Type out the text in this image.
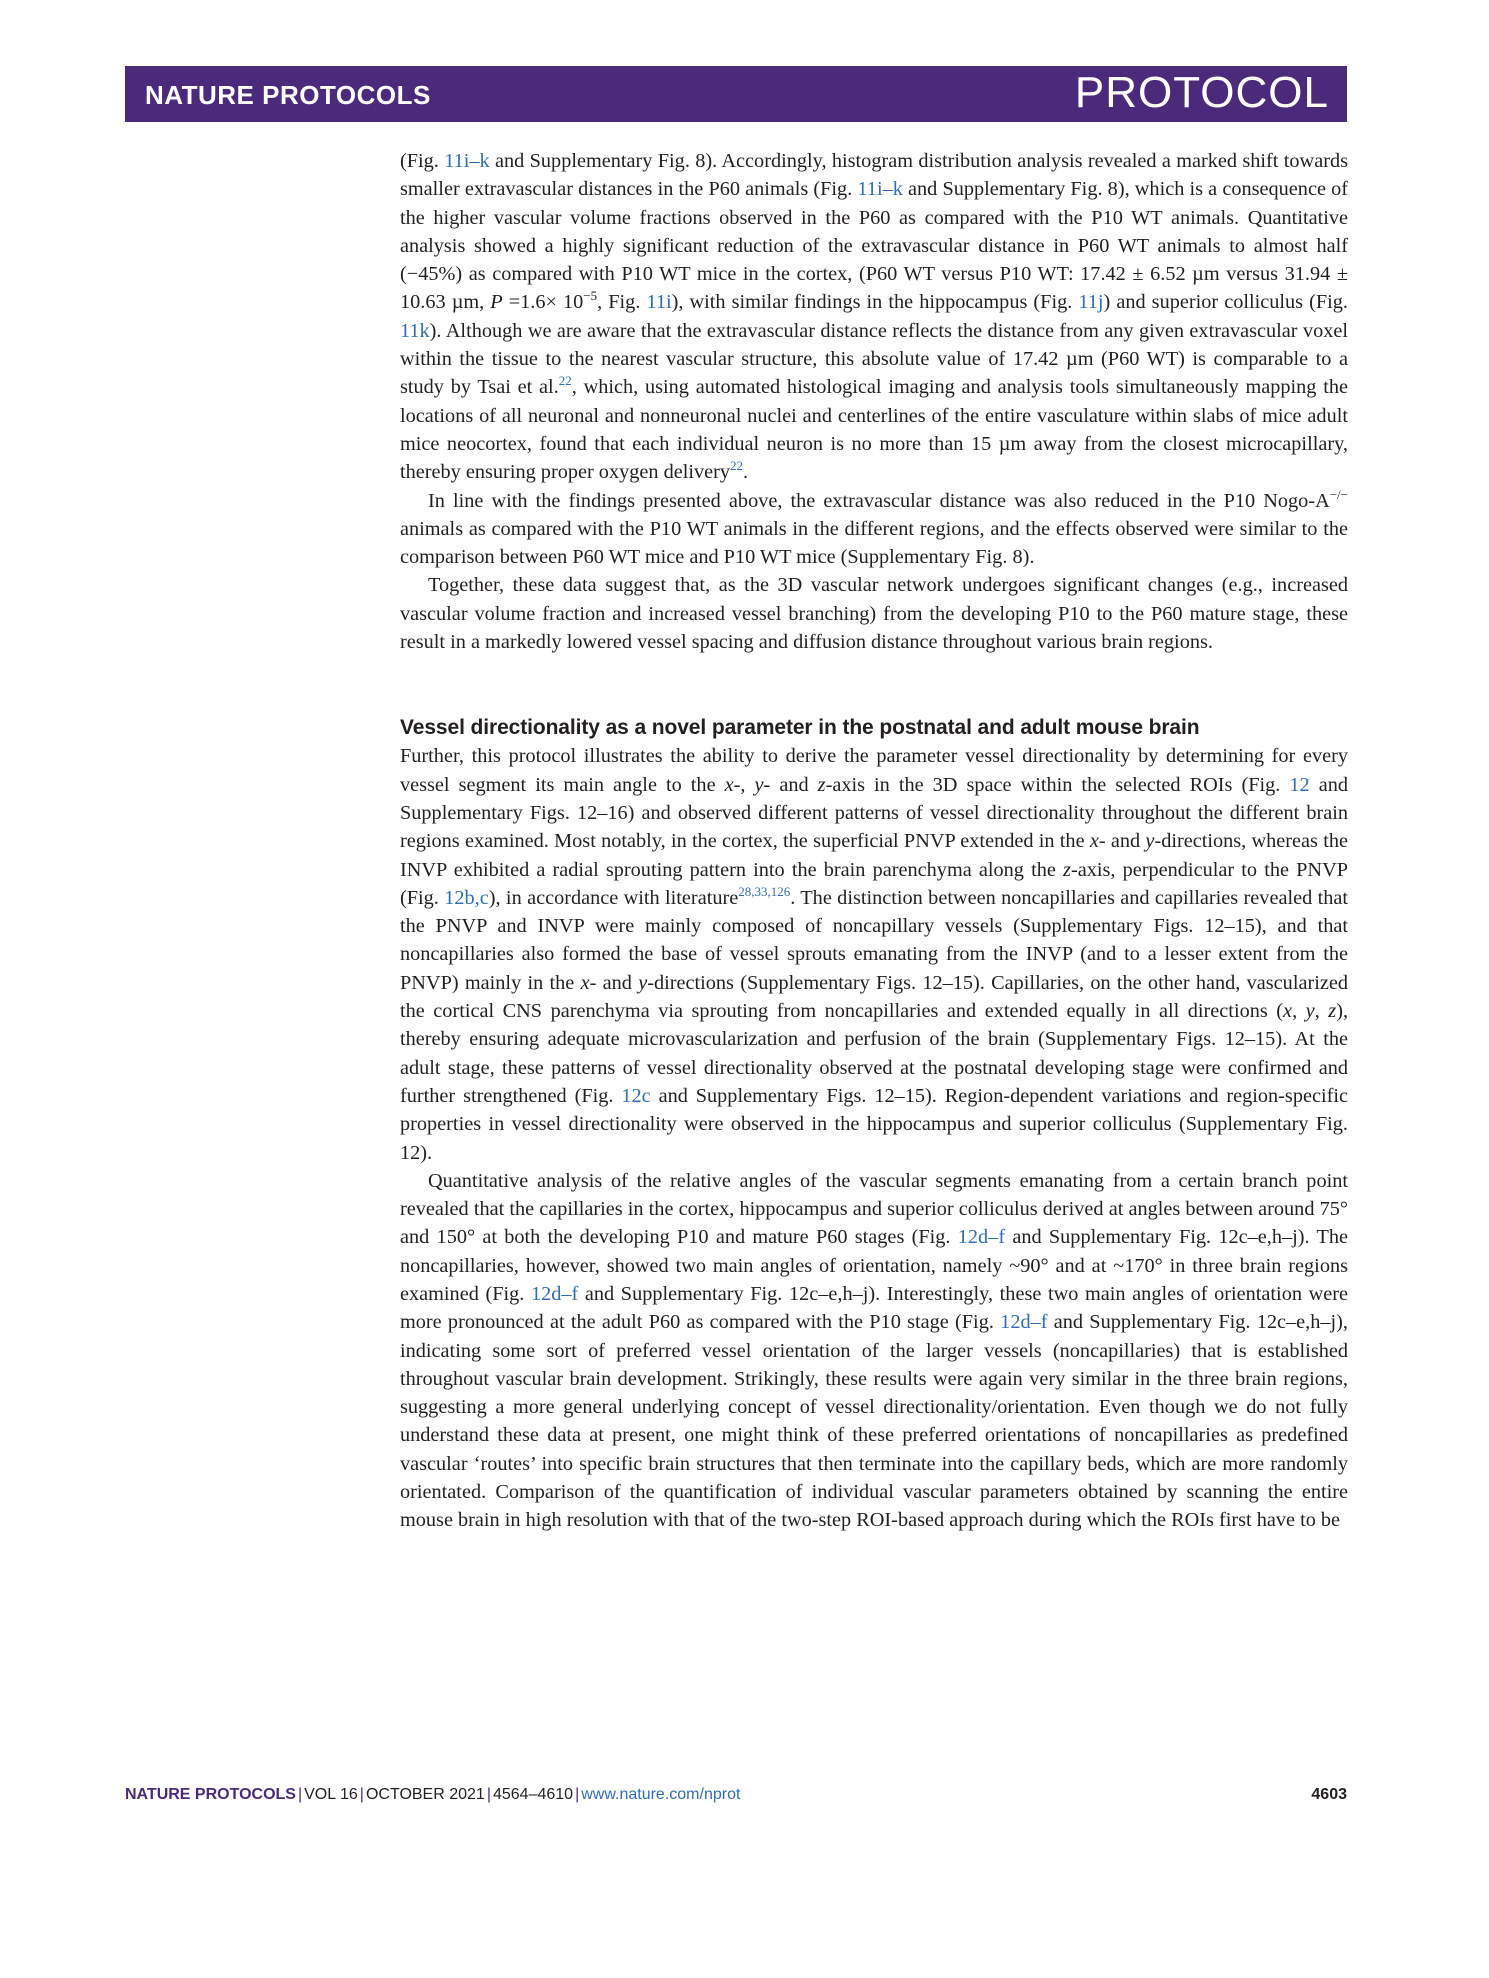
NATURE PROTOCOLS	PROTOCOL

(Fig. 11i–k and Supplementary Fig. 8). Accordingly, histogram distribution analysis revealed a marked shift towards smaller extravascular distances in the P60 animals (Fig. 11i–k and Supplementary Fig. 8), which is a consequence of the higher vascular volume fractions observed in the P60 as compared with the P10 WT animals. Quantitative analysis showed a highly significant reduction of the extravascular distance in P60 WT animals to almost half (−45%) as compared with P10 WT mice in the cortex, (P60 WT versus P10 WT: 17.42 ± 6.52 µm versus 31.94 ± 10.63 µm, $P =1.6\times 10^{-5}$, Fig. 11i), with similar findings in the hippocampus (Fig. 11j) and superior colliculus (Fig. 11k). Although we are aware that the extravascular distance reflects the distance from any given extravascular voxel within the tissue to the nearest vascular structure, this absolute value of 17.42 µm (P60 WT) is comparable to a study by Tsai et al.$^{22}$, which, using automated histological imaging and analysis tools simultaneously mapping the locations of all neuronal and nonneuronal nuclei and centerlines of the entire vasculature within slabs of mice adult mice neocortex, found that each individual neuron is no more than 15 µm away from the closest microcapillary, thereby ensuring proper oxygen delivery$^{22}$.

In line with the findings presented above, the extravascular distance was also reduced in the P10 Nogo-A−/− animals as compared with the P10 WT animals in the different regions, and the effects observed were similar to the comparison between P60 WT mice and P10 WT mice (Supplementary Fig. 8).

Together, these data suggest that, as the 3D vascular network undergoes significant changes (e.g., increased vascular volume fraction and increased vessel branching) from the developing P10 to the P60 mature stage, these result in a markedly lowered vessel spacing and diffusion distance throughout various brain regions.

Vessel directionality as a novel parameter in the postnatal and adult mouse brain

Further, this protocol illustrates the ability to derive the parameter vessel directionality by determining for every vessel segment its main angle to the x-, y- and z-axis in the 3D space within the selected ROIs (Fig. 12 and Supplementary Figs. 12–16) and observed different patterns of vessel directionality throughout the different brain regions examined. Most notably, in the cortex, the superficial PNVP extended in the x- and y-directions, whereas the INVP exhibited a radial sprouting pattern into the brain parenchyma along the z-axis, perpendicular to the PNVP (Fig. 12b,c), in accordance with literature$^{28,33,126}$. The distinction between noncapillaries and capillaries revealed that the PNVP and INVP were mainly composed of noncapillary vessels (Supplementary Figs. 12–15), and that noncapillaries also formed the base of vessel sprouts emanating from the INVP (and to a lesser extent from the PNVP) mainly in the x- and y-directions (Supplementary Figs. 12–15). Capillaries, on the other hand, vascularized the cortical CNS parenchyma via sprouting from noncapillaries and extended equally in all directions (x, y, z), thereby ensuring adequate microvascularization and perfusion of the brain (Supplementary Figs. 12–15). At the adult stage, these patterns of vessel directionality observed at the postnatal developing stage were confirmed and further strengthened (Fig. 12c and Supplementary Figs. 12–15). Region-dependent variations and region-specific properties in vessel directionality were observed in the hippocampus and superior colliculus (Supplementary Fig. 12).

Quantitative analysis of the relative angles of the vascular segments emanating from a certain branch point revealed that the capillaries in the cortex, hippocampus and superior colliculus derived at angles between around 75° and 150° at both the developing P10 and mature P60 stages (Fig. 12d–f and Supplementary Fig. 12c–e,h–j). The noncapillaries, however, showed two main angles of orientation, namely ~90° and at ~170° in three brain regions examined (Fig. 12d–f and Supplementary Fig. 12c–e,h–j). Interestingly, these two main angles of orientation were more pronounced at the adult P60 as compared with the P10 stage (Fig. 12d–f and Supplementary Fig. 12c–e,h–j), indicating some sort of preferred vessel orientation of the larger vessels (noncapillaries) that is established throughout vascular brain development. Strikingly, these results were again very similar in the three brain regions, suggesting a more general underlying concept of vessel directionality/orientation. Even though we do not fully understand these data at present, one might think of these preferred orientations of noncapillaries as predefined vascular ‘routes’ into specific brain structures that then terminate into the capillary beds, which are more randomly orientated. Comparison of the quantification of individual vascular parameters obtained by scanning the entire mouse brain in high resolution with that of the two-step ROI-based approach during which the ROIs first have to be

NATURE PROTOCOLS | VOL 16 | OCTOBER 2021 | 4564–4610 | www.nature.com/nprot	4603
